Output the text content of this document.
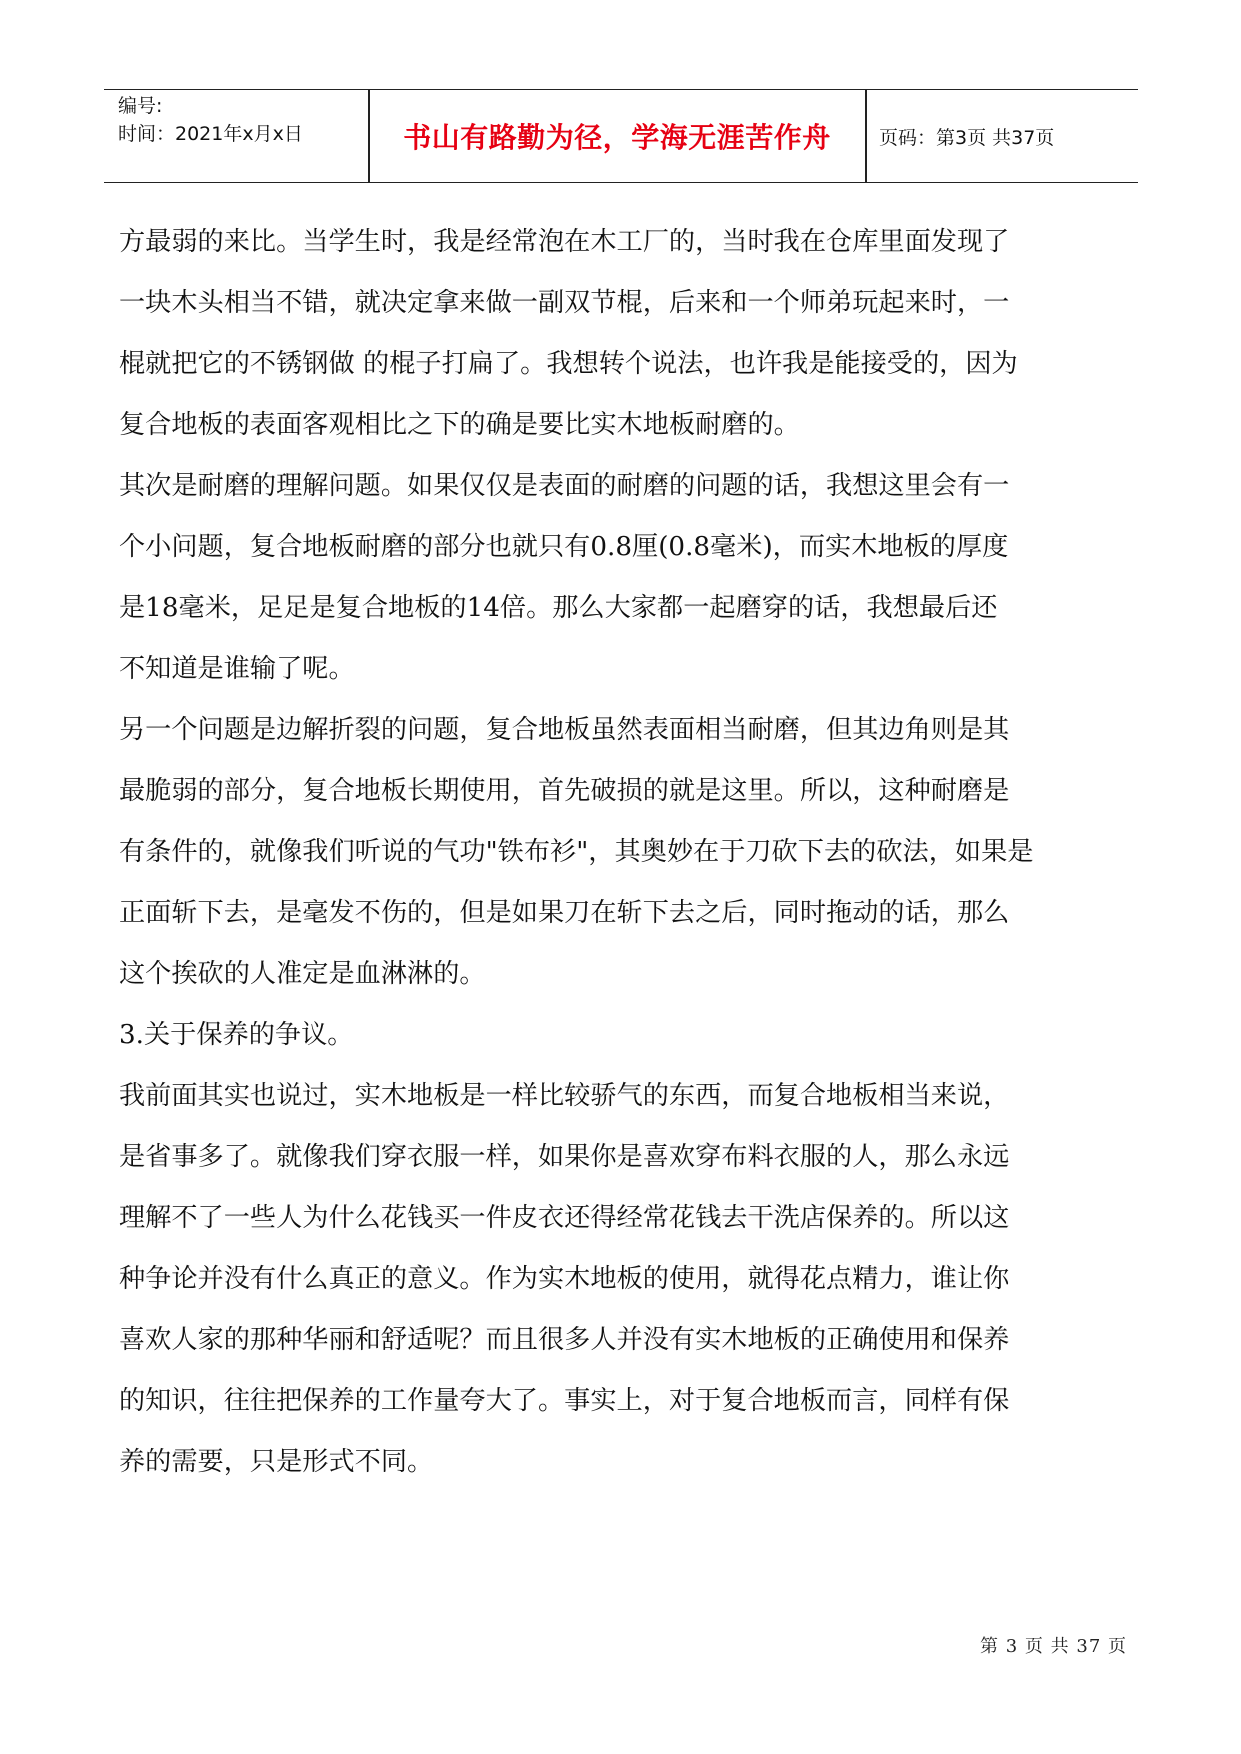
编号:
时间：2021年x月x日	书山有路勤为径，学海无涯苦作舟	页码：第3页 共37页
方最弱的来比。当学生时，我是经常泡在木工厂的，当时我在仓库里面发现了
一块木头相当不错，就决定拿来做一副双节棍，后来和一个师弟玩起来时，一
棍就把它的不锈钢做 的棍子打扁了。我想转个说法，也许我是能接受的，因为
复合地板的表面客观相比之下的确是要比实木地板耐磨的。
其次是耐磨的理解问题。如果仅仅是表面的耐磨的问题的话，我想这里会有一
个小问题，复合地板耐磨的部分也就只有0.8厘(0.8毫米)，而实木地板的厚度
是18毫米，足足是复合地板的14倍。那么大家都一起磨穿的话，我想最后还
不知道是谁输了呢。
另一个问题是边解折裂的问题，复合地板虽然表面相当耐磨，但其边角则是其
最脆弱的部分，复合地板长期使用，首先破损的就是这里。所以，这种耐磨是
有条件的，就像我们听说的气功"铁布衫"，其奥妙在于刀砍下去的砍法，如果是
正面斩下去，是毫发不伤的，但是如果刀在斩下去之后，同时拖动的话，那么
这个挨砍的人准定是血淋淋的。
3.关于保养的争议。
我前面其实也说过，实木地板是一样比较骄气的东西，而复合地板相当来说，
是省事多了。就像我们穿衣服一样，如果你是喜欢穿布料衣服的人，那么永远
理解不了一些人为什么花钱买一件皮衣还得经常花钱去干洗店保养的。所以这
种争论并没有什么真正的意义。作为实木地板的使用，就得花点精力，谁让你
喜欢人家的那种华丽和舒适呢？而且很多人并没有实木地板的正确使用和保养
的知识，往往把保养的工作量夸大了。事实上，对于复合地板而言，同样有保
养的需要，只是形式不同。
第 3 页 共 37 页
